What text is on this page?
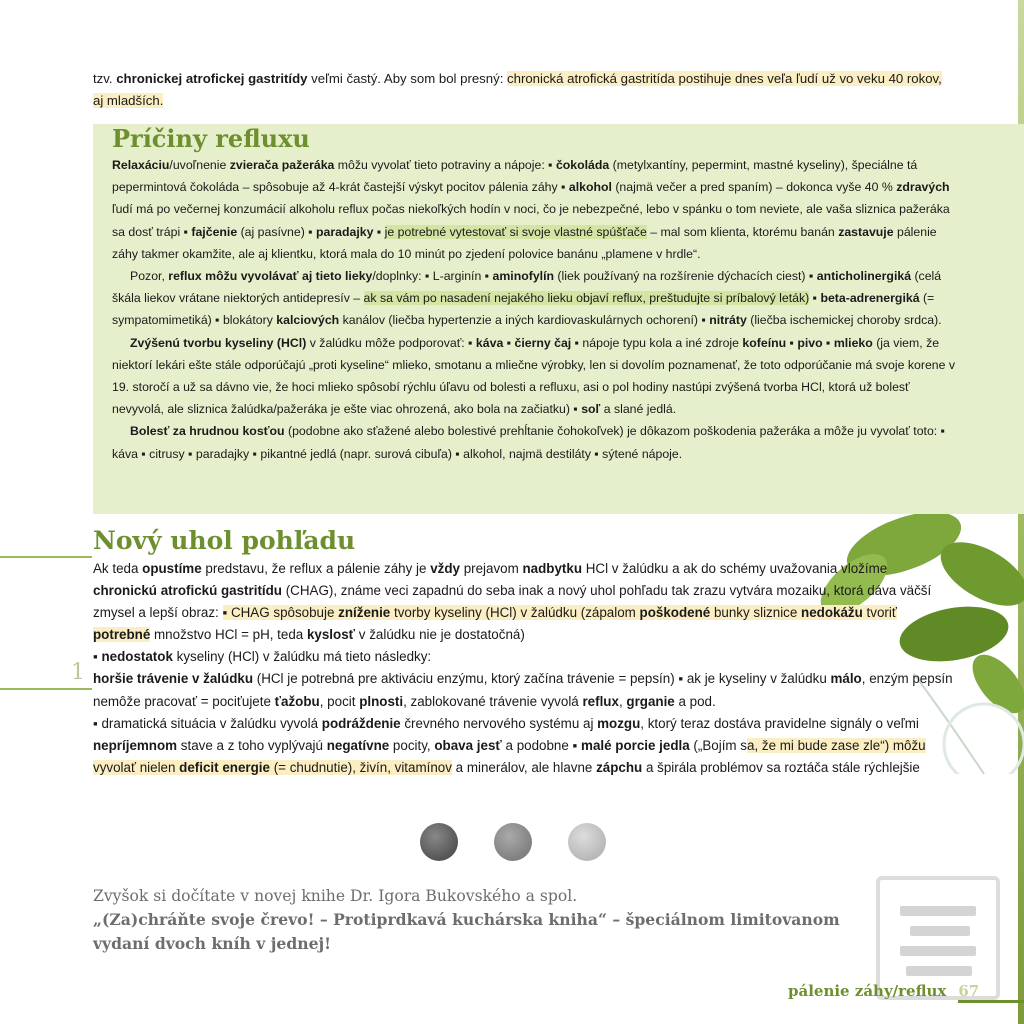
tzv. chronickej atrofickej gastritídy veľmi častý. Aby som bol presný: chronická atrofická gastritída postihuje dnes veľa ľudí už vo veku 40 rokov, aj mladších.
Príčiny refluxu

Relaxáciu/uvoľnenie zvierača pažeráka môžu vyvolať tieto potraviny a nápoje: ▪ čokoláda (metylxantíny, pepermint, mastné kyseliny), špeciálne tá pepermintová čokoláda – spôsobuje až 4-krát častejší výskyt pocitov pálenia záhy ▪ alkohol (najmä večer a pred spaním) – dokonca vyše 40 % zdravých ľudí má po večernej konzumácií alkoholu reflux počas niekoľkých hodín v noci, čo je nebezpečné, lebo v spánku o tom neviete, ale vaša sliznica pažeráka sa dosť trápi ▪ fajčenie (aj pasívne) ▪ paradajky ▪ je potrebné vytestovať si svoje vlastné spúšťače – mal som klienta, ktorému banán zastavuje pálenie záhy takmer okamžite, ale aj klientku, ktorá mala do 10 minút po zjedení polovice banánu „plamene v hrdle“.

Pozor, reflux môžu vyvolávať aj tieto lieky/doplnky: ▪ L-arginín ▪ aminofylín (liek používaný na rozšírenie dýchacích ciest) ▪ anticholinergiká (celá škála liekov vrátane niektorých antidepresív – ak sa vám po nasadení nejakého lieku objaví reflux, preštudujte si príbalový leták) ▪ beta-adrenergiká (= sympatomimetiká) ▪ blokátory kalciových kanálov (liečba hypertenzie a iných kardiovaskulárnych ochorení) ▪ nitráty (liečba ischemickej choroby srdca).

Zvýšenú tvorbu kyseliny (HCl) v žalúdku môže podporovať: ▪ káva ▪ čierny čaj ▪ nápoje typu kola a iné zdroje kofeínu ▪ pivo ▪ mlieko (ja viem, že niektorí lekári ešte stále odporúčajú „proti kyseline“ mlieko, smotanu a mliečne výrobky, len si dovolím poznamenať, že toto odporúčanie má svoje korene v 19. storočí a už sa dávno vie, že hoci mlieko spôsobí rýchlu úľavu od bolesti a refluxu, asi o pol hodiny nastúpi zvýšená tvorba HCl, ktorá už bolesť nevyvolá, ale sliznica žalúdka/pažeráka je ešte viac ohrozená, ako bola na začiatku) ▪ soľ a slané jedlá.

Bolesť za hrudnou kosťou (podobne ako sťažené alebo bolestivé prehĺtanie čohokoľvek) je dôkazom poškodenia pažeráka a môže ju vyvolať toto: ▪ káva ▪ citrusy ▪ paradajky ▪ pikantné jedlá (napr. surová cibuľa) ▪ alkohol, najmä destiláty ▪ sýtené nápoje.

1
Nový uhol pohľadu

Ak teda opustíme predstavu, že reflux a pálenie záhy je vždy prejavom nadbytku HCl v žalúdku a ak do schémy uvažovania vložíme chronickú atrofickú gastritídu (CHAG), známe veci zapadnú do seba inak a nový uhol pohľadu tak zrazu vytvára mozaiku, ktorá dáva väčší zmysel a lepší obraz: ▪ CHAG spôsobuje zníženie tvorby kyseliny (HCl) v žalúdku (zápalom poškodené bunky sliznice nedokážu tvoriť potrebné množstvo HCl = pH, teda kyslosť v žalúdku nie je dostatočná)

▪ nedostatok kyseliny (HCl) v žalúdku má tieto následky:

horšie trávenie v žalúdku (HCl je potrebná pre aktiváciu enzýmu, ktorý začína trávenie = pepsín) ▪ ak je kyseliny v žalúdku málo, enzým pepsín nemôže pracovať = pociťujete ťažobu, pocit plnosti, zablokované trávenie vyvolá reflux, grganie a pod.

▪ dramatická situácia v žalúdku vyvolá podráždenie črevného nervového systému aj mozgu, ktorý teraz dostáva pravidelne signály o veľmi nepríjemnom stave a z toho vyplývajú negatívne pocity, obava jesť a podobne ▪ malé porcie jedla („Bojím sa, že mi bude zase zle“) môžu vyvolať nielen deficit energie (= chudnutie), živín, vitamínov a minerálov, ale hlavne zápchu a špirála problémov sa roztáča stále rýchlejšie

Zvyšok si dočítate v novej knihe Dr. Igora Bukovského a spol.
„(Za)chráňte svoje črevo! – Protiprdkavá kuchárska kniha“ – špeciálnom limitovanom vydaní dvoch kníh v jednej!
pálenie záhy/reflux 67
